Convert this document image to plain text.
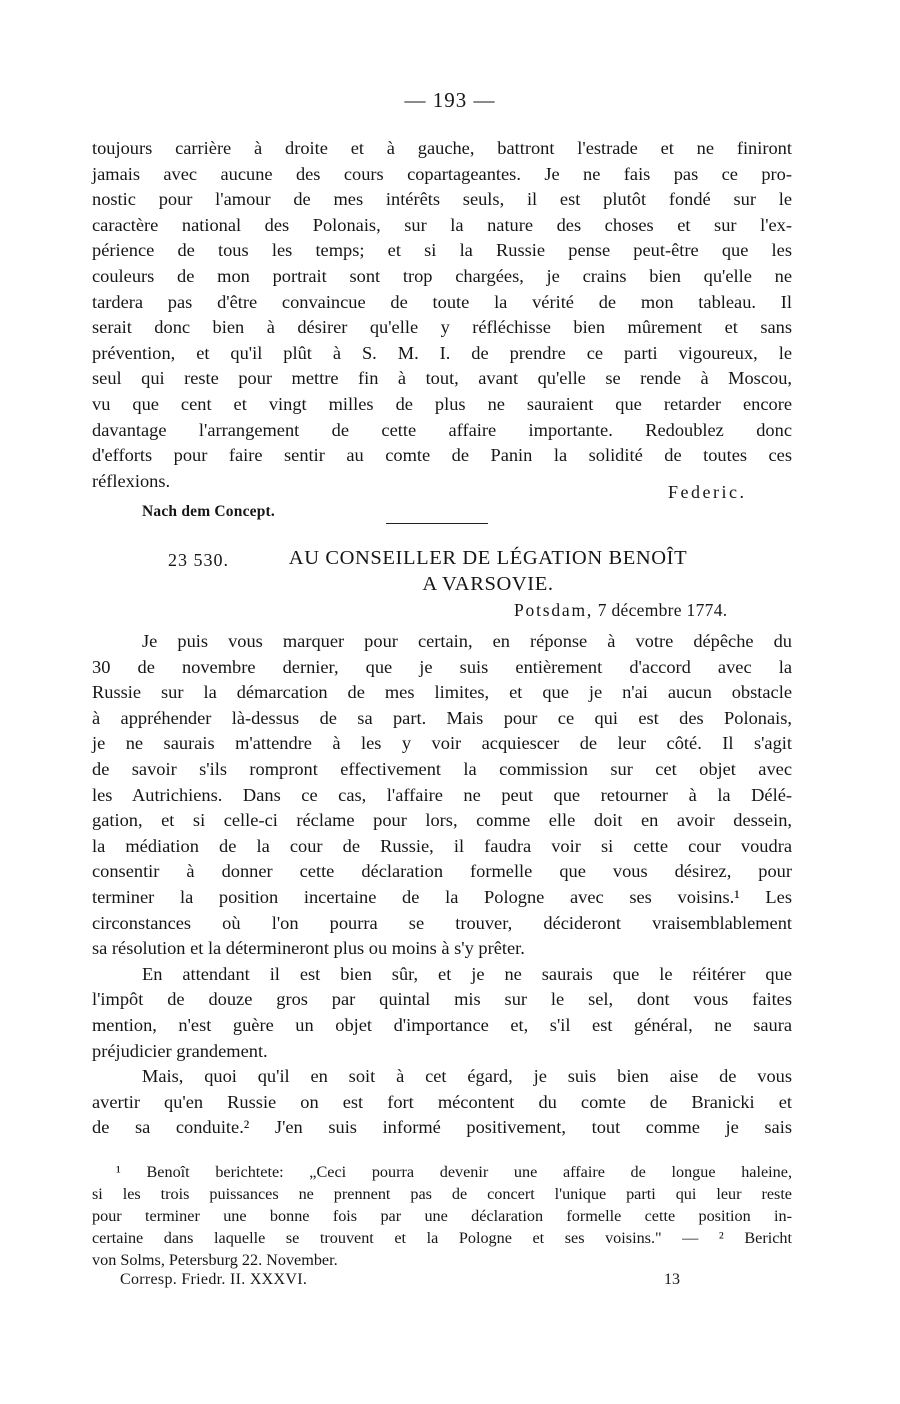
— 193 —

toujours carrière à droite et à gauche, battront l'estrade et ne finiront

jamais avec aucune des cours copartageantes. Je ne fais pas ce pro-

nostic pour l'amour de mes intérêts seuls, il est plutôt fondé sur le

caractère national des Polonais, sur la nature des choses et sur l'ex-

périence de tous les temps; et si la Russie pense peut-être que les

couleurs de mon portrait sont trop chargées, je crains bien qu'elle ne

tardera pas d'être convaincue de toute la vérité de mon tableau. Il

serait donc bien à désirer qu'elle y réfléchisse bien mûrement et sans

prévention, et qu'il plût à S. M. I. de prendre ce parti vigoureux, le

seul qui reste pour mettre fin à tout, avant qu'elle se rende à Moscou,

vu que cent et vingt milles de plus ne sauraient que retarder encore

davantage l'arrangement de cette affaire importante. Redoublez donc

d'efforts pour faire sentir au comte de Panin la solidité de toutes ces

réflexions.

Federic.
Nach dem Concept.
23 530.	AU CONSEILLER DE LÉGATION BENOÎT
A VARSOVIE.
Potsdam, 7 décembre 1774.

Je puis vous marquer pour certain, en réponse à votre dépêche du

30 de novembre dernier, que je suis entièrement d'accord avec la

Russie sur la démarcation de mes limites, et que je n'ai aucun obstacle

à appréhender là-dessus de sa part. Mais pour ce qui est des Polonais,

je ne saurais m'attendre à les y voir acquiescer de leur côté. Il s'agit

de savoir s'ils rompront effectivement la commission sur cet objet avec

les Autrichiens. Dans ce cas, l'affaire ne peut que retourner à la Délé-

gation, et si celle-ci réclame pour lors, comme elle doit en avoir dessein,

la médiation de la cour de Russie, il faudra voir si cette cour voudra

consentir à donner cette déclaration formelle que vous désirez, pour

terminer la position incertaine de la Pologne avec ses voisins.¹ Les

circonstances où l'on pourra se trouver, décideront vraisemblablement

sa résolution et la détermineront plus ou moins à s'y prêter.

En attendant il est bien sûr, et je ne saurais que le réitérer que

l'impôt de douze gros par quintal mis sur le sel, dont vous faites

mention, n'est guère un objet d'importance et, s'il est général, ne saura

préjudicier grandement.

Mais, quoi qu'il en soit à cet égard, je suis bien aise de vous

avertir qu'en Russie on est fort mécontent du comte de Branicki et

de sa conduite.² J'en suis informé positivement, tout comme je sais

¹ Benoît berichtete: „Ceci pourra devenir une affaire de longue haleine,

si les trois puissances ne prennent pas de concert l'unique parti qui leur reste

pour terminer une bonne fois par une déclaration formelle cette position in-

certaine dans laquelle se trouvent et la Pologne et ses voisins." — ² Bericht

von Solms, Petersburg 22. November.

Corresp. Friedr. II. XXXVI.	13
